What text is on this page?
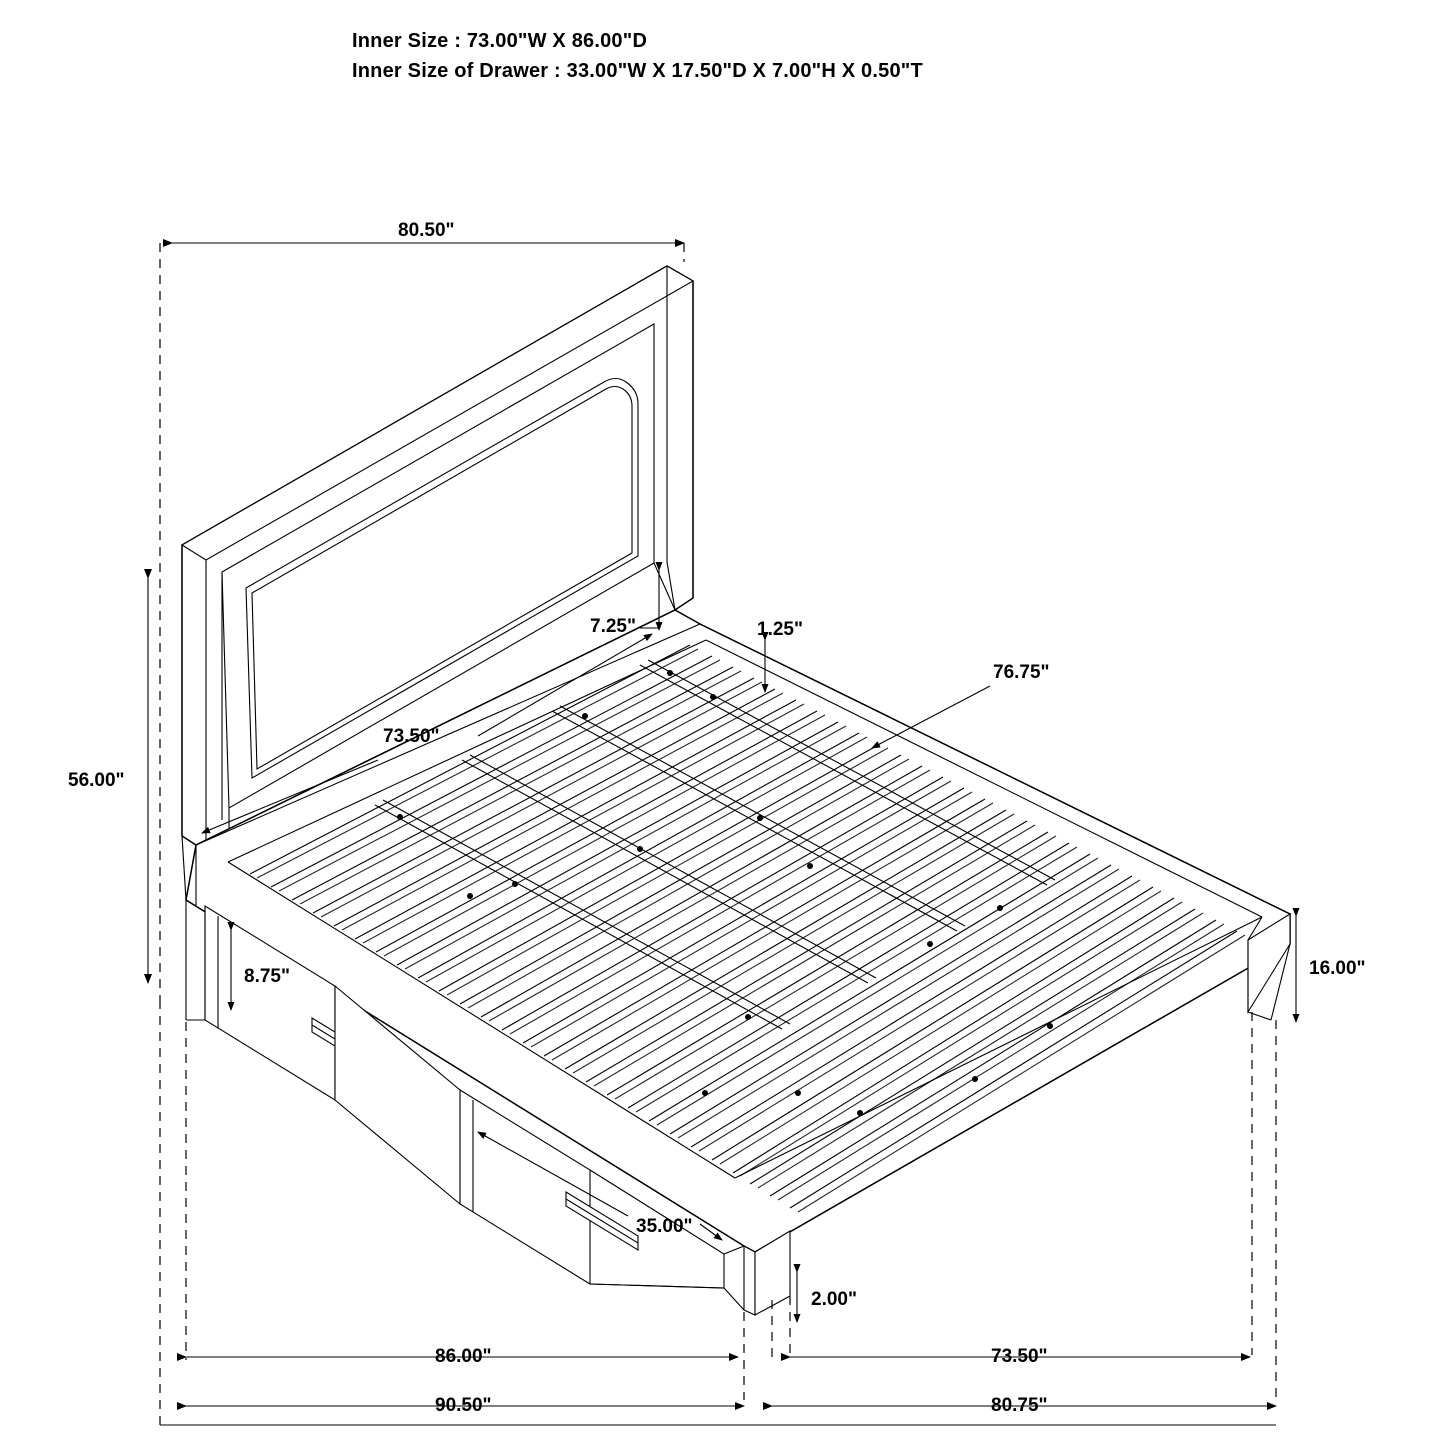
Inner Size : 73.00"W X 86.00"D
Inner Size of Drawer : 33.00"W X 17.50"D X 7.00"H X 0.50"T
80.50"
7.25"	1.25"
76.75"
73.50"
56.00"
8.75"	16.00"
35.00"
2.00"
86.00"	73.50"
90.50"	80.75"
